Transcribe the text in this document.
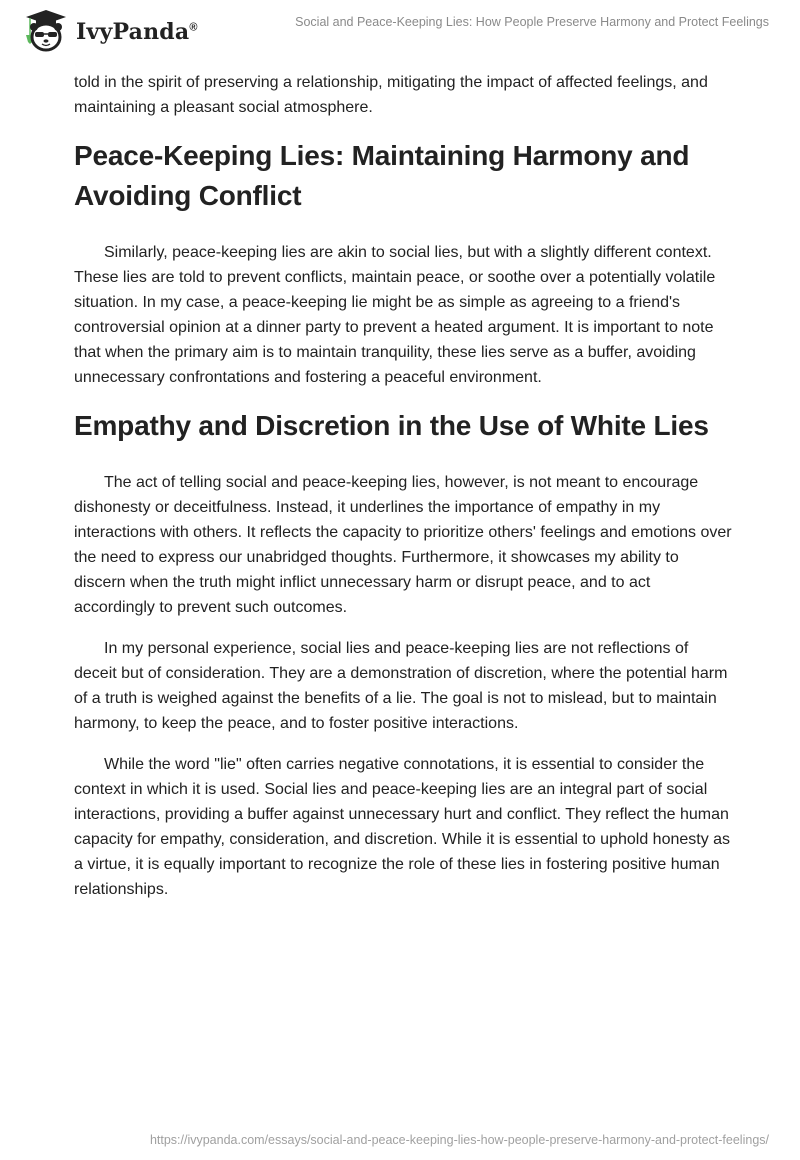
IvyPanda®	Social and Peace-Keeping Lies: How People Preserve Harmony and Protect Feelings

told in the spirit of preserving a relationship, mitigating the impact of affected feelings, and maintaining a pleasant social atmosphere.

Peace-Keeping Lies: Maintaining Harmony and Avoiding Conflict

Similarly, peace-keeping lies are akin to social lies, but with a slightly different context. These lies are told to prevent conflicts, maintain peace, or soothe over a potentially volatile situation. In my case, a peace-keeping lie might be as simple as agreeing to a friend's controversial opinion at a dinner party to prevent a heated argument. It is important to note that when the primary aim is to maintain tranquility, these lies serve as a buffer, avoiding unnecessary confrontations and fostering a peaceful environment.

Empathy and Discretion in the Use of White Lies

The act of telling social and peace-keeping lies, however, is not meant to encourage dishonesty or deceitfulness. Instead, it underlines the importance of empathy in my interactions with others. It reflects the capacity to prioritize others' feelings and emotions over the need to express our unabridged thoughts. Furthermore, it showcases my ability to discern when the truth might inflict unnecessary harm or disrupt peace, and to act accordingly to prevent such outcomes.

In my personal experience, social lies and peace-keeping lies are not reflections of deceit but of consideration. They are a demonstration of discretion, where the potential harm of a truth is weighed against the benefits of a lie. The goal is not to mislead, but to maintain harmony, to keep the peace, and to foster positive interactions.

While the word "lie" often carries negative connotations, it is essential to consider the context in which it is used. Social lies and peace-keeping lies are an integral part of social interactions, providing a buffer against unnecessary hurt and conflict. They reflect the human capacity for empathy, consideration, and discretion. While it is essential to uphold honesty as a virtue, it is equally important to recognize the role of these lies in fostering positive human relationships.

https://ivypanda.com/essays/social-and-peace-keeping-lies-how-people-preserve-harmony-and-protect-feelings/
